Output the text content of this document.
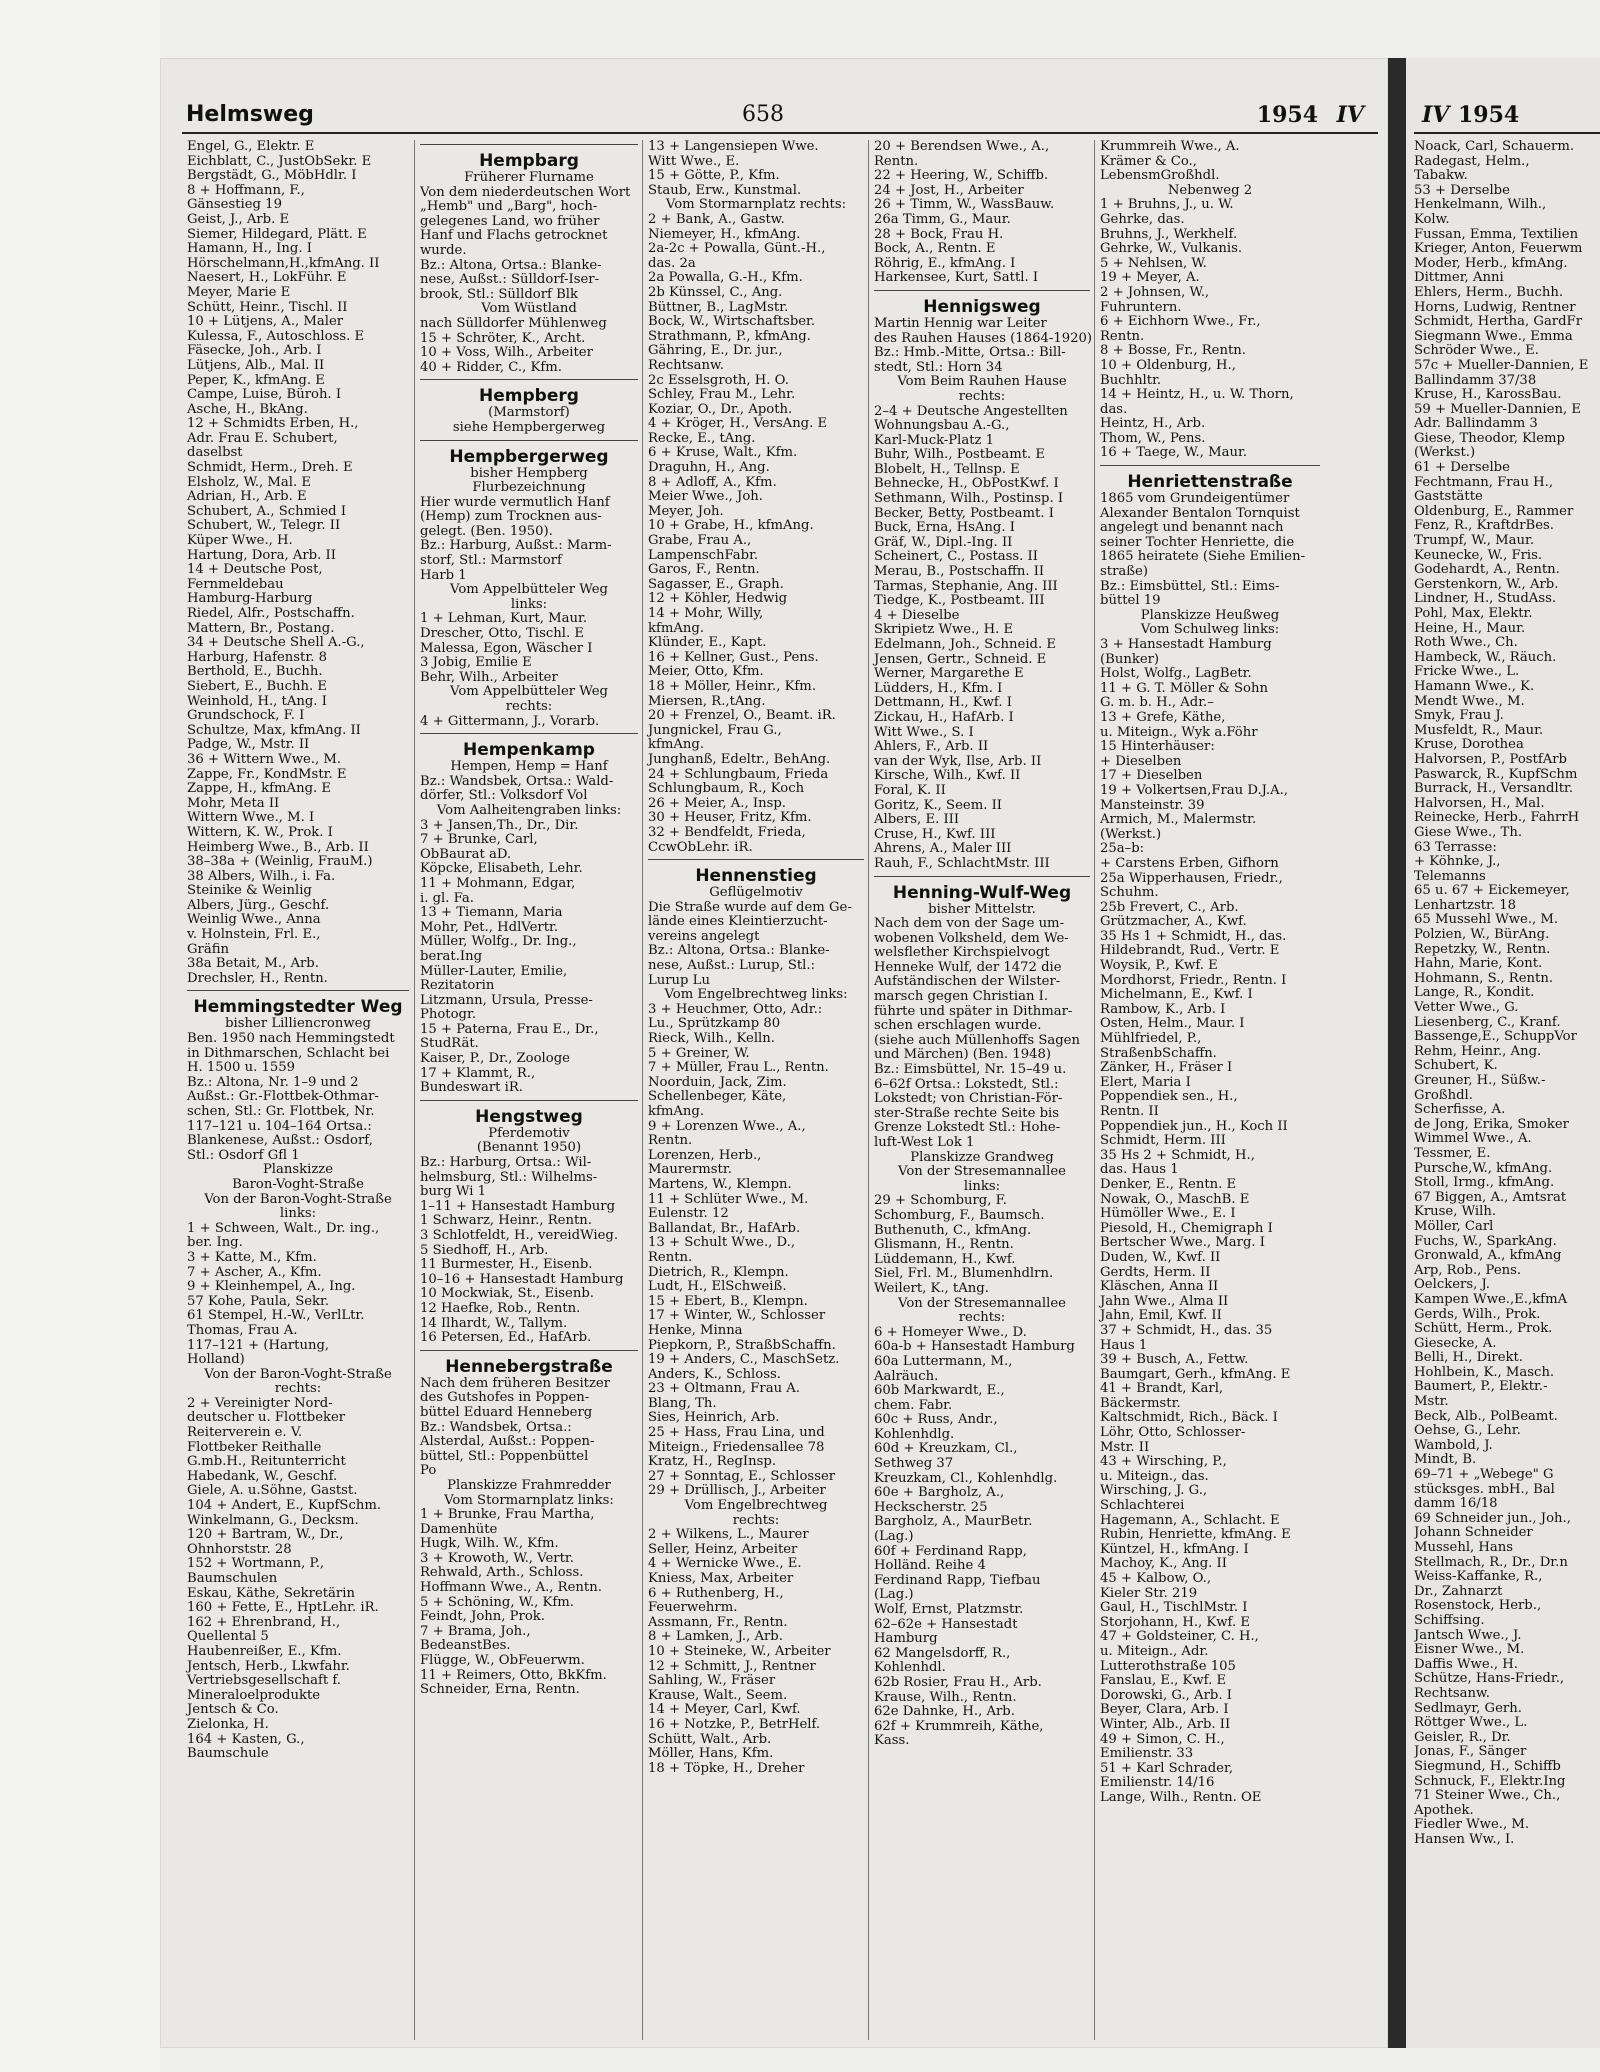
Helmsweg	658	1954 IV
Engel, G., Elektr. E
Eichblatt, C., JustObSekr. E
Bergstädt, G., MöbHdlr. I
8 + Hoffmann, F.,
Gänsestieg 19
Geist, J., Arb. E
Siemer, Hildegard, Plätt. E
Hamann, H., Ing. I
Hörschelmann,H.,kfmAng. II
Naesert, H., LokFühr. E
Meyer, Marie E
Schütt, Heinr., Tischl. II
10 + Lütjens, A., Maler
Kulessa, F., Autoschloss. E
Fäsecke, Joh., Arb. I
Lütjens, Alb., Mal. II
Peper, K., kfmAng. E
Campe, Luise, Büroh. I
Asche, H., BkAng.
12 + Schmidts Erben, H.,
Adr. Frau E. Schubert,
daselbst
Schmidt, Herm., Dreh. E
Elsholz, W., Mal. E
Adrian, H., Arb. E
Schubert, A., Schmied I
Schubert, W., Telegr. II
Küper Wwe., H.
Hartung, Dora, Arb. II
14 + Deutsche Post,
Fernmeldebau
Hamburg-Harburg
Riedel, Alfr., Postschaffn.
Mattern, Br., Postang.
34 + Deutsche Shell A.-G.,
Harburg, Hafenstr. 8
Berthold, E., Buchh.
Siebert, E., Buchh. E
Weinhold, H., tAng. I
Grundschock, F. I
Schultze, Max, kfmAng. II
Padge, W., Mstr. II
36 + Wittern Wwe., M.
Zappe, Fr., KondMstr. E
Zappe, H., kfmAng. E
Mohr, Meta II
Wittern Wwe., M. I
Wittern, K. W., Prok. I
Heimberg Wwe., B., Arb. II
38–38a + (Weinlig, FrauM.)
38 Albers, Wilh., i. Fa.
Steinike & Weinlig
Albers, Jürg., Geschf.
Weinlig Wwe., Anna
v. Holnstein, Frl. E.,
Gräfin
38a Betait, M., Arb.
Drechsler, H., Rentn.
Hemmingstedter Weg
bisher Lilliencronweg
Ben. 1950 nach Hemmingstedt
in Dithmarschen, Schlacht bei
H. 1500 u. 1559
Bz.: Altona, Nr. 1–9 und 2
Außst.: Gr.-Flottbek-Othmar-
schen, Stl.: Gr. Flottbek, Nr.
117–121 u. 104–164 Ortsa.:
Blankenese, Außst.: Osdorf,
Stl.: Osdorf Gfl 1
Planskizze
Baron-Voght-Straße
Von der Baron-Voght-Straße
links:
1 + Schween, Walt., Dr. ing.,
ber. Ing.
3 + Katte, M., Kfm.
7 + Ascher, A., Kfm.
9 + Kleinhempel, A., Ing.
57 Kohe, Paula, Sekr.
61 Stempel, H.-W., VerlLtr.
Thomas, Frau A.
117–121 + (Hartung,
Holland)
Von der Baron-Voght-Straße
rechts:
2 + Vereinigter Nord-
deutscher u. Flottbeker
Reiterverein e. V.
Flottbeker Reithalle
G.mb.H., Reitunterricht
Habedank, W., Geschf.
Giele, A. u.Söhne, Gastst.
104 + Andert, E., KupfSchm.
Winkelmann, G., Decksm.
120 + Bartram, W., Dr.,
Ohnhorststr. 28
152 + Wortmann, P.,
Baumschulen
Eskau, Käthe, Sekretärin
160 + Fette, E., HptLehr. iR.
162 + Ehrenbrand, H.,
Quellental 5
Haubenreißer, E., Kfm.
Jentsch, Herb., Lkwfahr.
Vertriebsgesellschaft f.
Mineraloelprodukte
Jentsch & Co.
Zielonka, H.
164 + Kasten, G.,
Baumschule
Hempbarg
Früherer Flurname
Von dem niederdeutschen Wort
„Hemb" und „Barg", hoch-
gelegenes Land, wo früher
Hanf und Flachs getrocknet
wurde.
Bz.: Altona, Ortsa.: Blanke-
nese, Außst.: Sülldorf-Iser-
brook, Stl.: Sülldorf Blk
Vom Wüstland
nach Sülldorfer Mühlenweg
15 + Schröter, K., Archt.
10 + Voss, Wilh., Arbeiter
40 + Ridder, C., Kfm.
Hempberg
(Marmstorf)
siehe Hempbergerweg
Hempbergerweg
bisher Hempberg
Flurbezeichnung
Hier wurde vermutlich Hanf
(Hemp) zum Trocknen aus-
gelegt. (Ben. 1950).
Bz.: Harburg, Außst.: Marm-
storf, Stl.: Marmstorf
Harb 1
Vom Appelbütteler Weg
links:
1 + Lehman, Kurt, Maur.
Drescher, Otto, Tischl. E
Malessa, Egon, Wäscher I
3 Jobig, Emilie E
Behr, Wilh., Arbeiter
Vom Appelbütteler Weg
rechts:
4 + Gittermann, J., Vorarb.
Hempenkamp
Hempen, Hemp = Hanf
Bz.: Wandsbek, Ortsa.: Wald-
dörfer, Stl.: Volksdorf Vol
Vom Aalheitengraben links:
3 + Jansen,Th., Dr., Dir.
7 + Brunke, Carl,
ObBaurat aD.
Köpcke, Elisabeth, Lehr.
11 + Mohmann, Edgar,
i. gl. Fa.
13 + Tiemann, Maria
Mohr, Pet., HdlVertr.
Müller, Wolfg., Dr. Ing.,
berat.Ing
Müller-Lauter, Emilie,
Rezitatorin
Litzmann, Ursula, Presse-
Photogr.
15 + Paterna, Frau E., Dr.,
StudRät.
Kaiser, P., Dr., Zoologe
17 + Klammt, R.,
Bundeswart iR.
Hengstweg
Pferdemotiv
(Benannt 1950)
Bz.: Harburg, Ortsa.: Wil-
helmsburg, Stl.: Wilhelms-
burg Wi 1
1–11 + Hansestadt Hamburg
1 Schwarz, Heinr., Rentn.
3 Schlotfeldt, H., vereidWieg.
5 Siedhoff, H., Arb.
11 Burmester, H., Eisenb.
10–16 + Hansestadt Hamburg
10 Mockwiak, St., Eisenb.
12 Haefke, Rob., Rentn.
14 Ilhardt, W., Tallym.
16 Petersen, Ed., HafArb.
Hennebergstraße
Nach dem früheren Besitzer
des Gutshofes in Poppen-
büttel Eduard Henneberg
Bz.: Wandsbek, Ortsa.:
Alsterdal, Außst.: Poppen-
büttel, Stl.: Poppenbüttel
Po
Planskizze Frahmredder
Vom Stormarnplatz links:
1 + Brunke, Frau Martha,
Damenhüte
Hugk, Wilh. W., Kfm.
3 + Krowoth, W., Vertr.
Rehwald, Arth., Schloss.
Hoffmann Wwe., A., Rentn.
5 + Schöning, W., Kfm.
Feindt, John, Prok.
7 + Brama, Joh.,
BedeanstBes.
Flügge, W., ObFeuerwm.
11 + Reimers, Otto, BkKfm.
Schneider, Erna, Rentn.
13 + Langensiepen Wwe.
Witt Wwe., E.
15 + Götte, P., Kfm.
Staub, Erw., Kunstmal.
Vom Stormarnplatz rechts:
2 + Bank, A., Gastw.
Niemeyer, H., kfmAng.
2a-2c + Powalla, Günt.-H.,
das. 2a
2a Powalla, G.-H., Kfm.
2b Künssel, C., Ang.
Büttner, B., LagMstr.
Bock, W., Wirtschaftsber.
Strathmann, P., kfmAng.
Gähring, E., Dr. jur.,
Rechtsanw.
2c Esselsgroth, H. O.
Schley, Frau M., Lehr.
Koziar, O., Dr., Apoth.
4 + Kröger, H., VersAng. E
Recke, E., tAng.
6 + Kruse, Walt., Kfm.
Draguhn, H., Ang.
8 + Adloff, A., Kfm.
Meier Wwe., Joh.
Meyer, Joh.
10 + Grabe, H., kfmAng.
Grabe, Frau A.,
LampenschFabr.
Garos, F., Rentn.
Sagasser, E., Graph.
12 + Köhler, Hedwig
14 + Mohr, Willy,
kfmAng.
Klünder, E., Kapt.
16 + Kellner, Gust., Pens.
Meier, Otto, Kfm.
18 + Möller, Heinr., Kfm.
Miersen, R.,tAng.
20 + Frenzel, O., Beamt. iR.
Jungnickel, Frau G.,
kfmAng.
Junghanß, Edeltr., BehAng.
24 + Schlungbaum, Frieda
Schlungbaum, R., Koch
26 + Meier, A., Insp.
30 + Heuser, Fritz, Kfm.
32 + Bendfeldt, Frieda,
CcwObLehr. iR.
Hennenstieg
Geflügelmotiv
Die Straße wurde auf dem Ge-
lände eines Kleintierzucht-
vereins angelegt
Bz.: Altona, Ortsa.: Blanke-
nese, Außst.: Lurup, Stl.:
Lurup Lu
Vom Engelbrechtweg links:
3 + Heuchmer, Otto, Adr.:
Lu., Sprützkamp 80
Rieck, Wilh., Kelln.
5 + Greiner, W.
7 + Müller, Frau L., Rentn.
Noorduin, Jack, Zim.
Schellenbeger, Käte,
kfmAng.
9 + Lorenzen Wwe., A.,
Rentn.
Lorenzen, Herb.,
Maurermstr.
Martens, W., Klempn.
11 + Schlüter Wwe., M.
Eulenstr. 12
Ballandat, Br., HafArb.
13 + Schult Wwe., D.,
Rentn.
Dietrich, R., Klempn.
Ludt, H., ElSchweiß.
15 + Ebert, B., Klempn.
17 + Winter, W., Schlosser
Henke, Minna
Piepkorn, P., StraßbSchaffn.
19 + Anders, C., MaschSetz.
Anders, K., Schloss.
23 + Oltmann, Frau A.
Blang, Th.
Sies, Heinrich, Arb.
25 + Hass, Frau Lina, und
Miteign., Friedensallee 78
Kratz, H., RegInsp.
27 + Sonntag, E., Schlosser
29 + Drüllisch, J., Arbeiter
Vom Engelbrechtweg
rechts:
2 + Wilkens, L., Maurer
Seller, Heinz, Arbeiter
4 + Wernicke Wwe., E.
Kniess, Max, Arbeiter
6 + Ruthenberg, H.,
Feuerwehrm.
Assmann, Fr., Rentn.
8 + Lamken, J., Arb.
10 + Steineke, W., Arbeiter
12 + Schmitt, J., Rentner
Sahling, W., Fräser
Krause, Walt., Seem.
14 + Meyer, Carl, Kwf.
16 + Notzke, P., BetrHelf.
Schütt, Walt., Arb.
Möller, Hans, Kfm.
18 + Töpke, H., Dreher
20 + Berendsen Wwe., A.,
Rentn.
22 + Heering, W., Schiffb.
24 + Jost, H., Arbeiter
26 + Timm, W., WassBauw.
26a Timm, G., Maur.
28 + Bock, Frau H.
Bock, A., Rentn. E
Röhrig, E., kfmAng. I
Harkensee, Kurt, Sattl. I
Hennigsweg
Martin Hennig war Leiter
des Rauhen Hauses (1864-1920)
Bz.: Hmb.-Mitte, Ortsa.: Bill-
stedt, Stl.: Horn 34
Vom Beim Rauhen Hause
rechts:
2–4 + Deutsche Angestellten
Wohnungsbau A.-G.,
Karl-Muck-Platz 1
Buhr, Wilh., Postbeamt. E
Blobelt, H., Tellnsp. E
Behnecke, H., ObPostKwf. I
Sethmann, Wilh., Postinsp. I
Becker, Betty, Postbeamt. I
Buck, Erna, HsAng. I
Gräf, W., Dipl.-Ing. II
Scheinert, C., Postass. II
Merau, B., Postschaffn. II
Tarmas, Stephanie, Ang. III
Tiedge, K., Postbeamt. III
4 + Dieselbe
Skripietz Wwe., H. E
Edelmann, Joh., Schneid. E
Jensen, Gertr., Schneid. E
Werner, Margarethe E
Lüdders, H., Kfm. I
Dettmann, H., Kwf. I
Zickau, H., HafArb. I
Witt Wwe., S. I
Ahlers, F., Arb. II
van der Wyk, Ilse, Arb. II
Kirsche, Wilh., Kwf. II
Foral, K. II
Goritz, K., Seem. II
Albers, E. III
Cruse, H., Kwf. III
Ahrens, A., Maler III
Rauh, F., SchlachtMstr. III
Henning-Wulf-Weg
bisher Mittelstr.
Nach dem von der Sage um-
wobenen Volksheld, dem We-
welsflether Kirchspielvogt
Henneke Wulf, der 1472 die
Aufständischen der Wilster-
marsch gegen Christian I.
führte und später in Dithmar-
schen erschlagen wurde.
(siehe auch Müllenhoffs Sagen
und Märchen) (Ben. 1948)
Bz.: Eimsbüttel, Nr. 15–49 u.
6–62f Ortsa.: Lokstedt, Stl.:
Lokstedt; von Christian-För-
ster-Straße rechte Seite bis
Grenze Lokstedt Stl.: Hohe-
luft-West Lok 1
Planskizze Grandweg
Von der Stresemannallee
links:
29 + Schomburg, F.
Schomburg, F., Baumsch.
Buthenuth, C., kfmAng.
Glismann, H., Rentn.
Lüddemann, H., Kwf.
Siel, Frl. M., Blumenhdlrn.
Weilert, K., tAng.
Von der Stresemannallee
rechts:
6 + Homeyer Wwe., D.
60a-b + Hansestadt Hamburg
60a Luttermann, M.,
Aalräuch.
60b Markwardt, E.,
chem. Fabr.
60c + Russ, Andr.,
Kohlenhdlg.
60d + Kreuzkam, Cl.,
Sethweg 37
Kreuzkam, Cl., Kohlenhdlg.
60e + Bargholz, A.,
Heckscherstr. 25
Bargholz, A., MaurBetr.
(Lag.)
60f + Ferdinand Rapp,
Holländ. Reihe 4
Ferdinand Rapp, Tiefbau
(Lag.)
Wolf, Ernst, Platzmstr.
62–62e + Hansestadt
Hamburg
62 Mangelsdorff, R.,
Kohlenhdl.
62b Rosier, Frau H., Arb.
Krause, Wilh., Rentn.
62e Dahnke, H., Arb.
62f + Krummreih, Käthe,
Kass.
Krummreih Wwe., A.
Krämer & Co.,
LebensmGroßhdl.
Nebenweg 2
1 + Bruhns, J., u. W.
Gehrke, das.
Bruhns, J., Werkhelf.
Gehrke, W., Vulkanis.
5 + Nehlsen, W.
19 + Meyer, A.
2 + Johnsen, W.,
Fuhruntern.
6 + Eichhorn Wwe., Fr.,
Rentn.
8 + Bosse, Fr., Rentn.
10 + Oldenburg, H.,
Buchhltr.
14 + Heintz, H., u. W. Thorn,
das.
Heintz, H., Arb.
Thom, W., Pens.
16 + Taege, W., Maur.
Henriettenstraße
1865 vom Grundeigentümer
Alexander Bentalon Tornquist
angelegt und benannt nach
seiner Tochter Henriette, die
1865 heiratete (Siehe Emilien-
straße)
Bz.: Eimsbüttel, Stl.: Eims-
büttel 19
Planskizze Heußweg
Vom Schulweg links:
3 + Hansestadt Hamburg
(Bunker)
Holst, Wolfg., LagBetr.
11 + G. T. Möller & Sohn
G. m. b. H., Adr.–
13 + Grefe, Käthe,
u. Miteign., Wyk a.Föhr
15 Hinterhäuser:
+ Dieselben
17 + Dieselben
19 + Volkertsen,Frau D.J.A.,
Mansteinstr. 39
Armich, M., Malermstr.
(Werkst.)
25a–b:
+ Carstens Erben, Gifhorn
25a Wipperhausen, Friedr.,
Schuhm.
25b Frevert, C., Arb.
Grützmacher, A., Kwf.
35 Hs 1 + Schmidt, H., das.
Hildebrandt, Rud., Vertr. E
Woysik, P., Kwf. E
Mordhorst, Friedr., Rentn. I
Michelmann, E., Kwf. I
Rambow, K., Arb. I
Osten, Helm., Maur. I
Mühlfriedel, P.,
StraßenbSchaffn.
Zänker, H., Fräser I
Elert, Maria I
Poppendiek sen., H.,
Rentn. II
Poppendiek jun., H., Koch II
Schmidt, Herm. III
35 Hs 2 + Schmidt, H.,
das. Haus 1
Denker, E., Rentn. E
Nowak, O., MaschB. E
Hümöller Wwe., E. I
Piesold, H., Chemigraph I
Bertscher Wwe., Marg. I
Duden, W., Kwf. II
Gerdts, Herm. II
Kläschen, Anna II
Jahn Wwe., Alma II
Jahn, Emil, Kwf. II
37 + Schmidt, H., das. 35
Haus 1
39 + Busch, A., Fettw.
Baumgart, Gerh., kfmAng. E
41 + Brandt, Karl,
Bäckermstr.
Kaltschmidt, Rich., Bäck. I
Löhr, Otto, Schlosser-
Mstr. II
43 + Wirsching, P.,
u. Miteign., das.
Wirsching, J. G.,
Schlachterei
Hagemann, A., Schlacht. E
Rubin, Henriette, kfmAng. E
Küntzel, H., kfmAng. I
Machoy, K., Ang. II
45 + Kalbow, O.,
Kieler Str. 219
Gaul, H., TischlMstr. I
Storjohann, H., Kwf. E
47 + Goldsteiner, C. H.,
u. Miteign., Adr.
Lutterothstraße 105
Fanslau, E., Kwf. E
Dorowski, G., Arb. I
Beyer, Clara, Arb. I
Winter, Alb., Arb. II
49 + Simon, C. H.,
Emilienstr. 33
51 + Karl Schrader,
Emilienstr. 14/16
Lange, Wilh., Rentn. OE
IV 1954
Noack, Carl, Schauerm.
Radegast, Helm.,
Tabakw.
53 + Derselbe
Henkelmann, Wilh.,
Kolw.
Fussan, Emma, Textilien
Krieger, Anton, Feuerwm
Moder, Herb., kfmAng.
Dittmer, Anni
Ehlers, Herm., Buchh.
Horns, Ludwig, Rentner
Schmidt, Hertha, GardFr
Siegmann Wwe., Emma
Schröder Wwe., E.
57c + Mueller-Dannien, E
Ballindamm 37/38
Kruse, H., KarossBau.
59 + Mueller-Dannien, E
Adr. Ballindamm 3
Giese, Theodor, Klemp
(Werkst.)
61 + Derselbe
Fechtmann, Frau H.,
Gaststätte
Oldenburg, E., Rammer
Fenz, R., KraftdrBes.
Trumpf, W., Maur.
Keunecke, W., Fris.
Godehardt, A., Rentn.
Gerstenkorn, W., Arb.
Lindner, H., StudAss.
Pohl, Max, Elektr.
Heine, H., Maur.
Roth Wwe., Ch.
Hambeck, W., Räuch.
Fricke Wwe., L.
Hamann Wwe., K.
Mendt Wwe., M.
Smyk, Frau J.
Musfeldt, R., Maur.
Kruse, Dorothea
Halvorsen, P., PostfArb
Paswarck, R., KupfSchm
Burrack, H., Versandltr.
Halvorsen, H., Mal.
Reinecke, Herb., FahrrH
Giese Wwe., Th.
63 Terrasse:
+ Köhnke, J.,
Telemanns
65 u. 67 + Eickemeyer,
Lenhartzstr. 18
65 Mussehl Wwe., M.
Polzien, W., BürAng.
Repetzky, W., Rentn.
Hahn, Marie, Kont.
Hohmann, S., Rentn.
Lange, R., Kondit.
Vetter Wwe., G.
Liesenberg, C., Kranf.
Bassenge,E., SchuppVor
Rehm, Heinr., Ang.
Schubert, K.
Greuner, H., Süßw.-
Großhdl.
Scherfisse, A.
de Jong, Erika, Smoker
Wimmel Wwe., A.
Tessmer, E.
Pursche,W., kfmAng.
Stoll, Irmg., kfmAng.
67 Biggen, A., Amtsrat
Kruse, Wilh.
Möller, Carl
Fuchs, W., SparkAng.
Gronwald, A., kfmAng
Arp, Rob., Pens.
Oelckers, J.
Kampen Wwe.,E.,kfmA
Gerds, Wilh., Prok.
Schütt, Herm., Prok.
Giesecke, A.
Belli, H., Direkt.
Hohlbein, K., Masch.
Baumert, P., Elektr.-
Mstr.
Beck, Alb., PolBeamt.
Oehse, G., Lehr.
Wambold, J.
Mindt, B.
69–71 + „Webege" G
stücksges. mbH., Bal
damm 16/18
69 Schneider jun., Joh.,
Johann Schneider
Mussehl, Hans
Stellmach, R., Dr., Dr.n
Weiss-Kaffanke, R.,
Dr., Zahnarzt
Rosenstock, Herb.,
Schiffsing.
Jantsch Wwe., J.
Eisner Wwe., M.
Daffis Wwe., H.
Schütze, Hans-Friedr.,
Rechtsanw.
Sedlmayr, Gerh.
Röttger Wwe., L.
Geisler, R., Dr.
Jonas, F., Sänger
Siegmund, H., Schiffb
Schnuck, F., Elektr.Ing
71 Steiner Wwe., Ch.,
Apothek.
Fiedler Wwe., M.
Hansen Ww., I.
